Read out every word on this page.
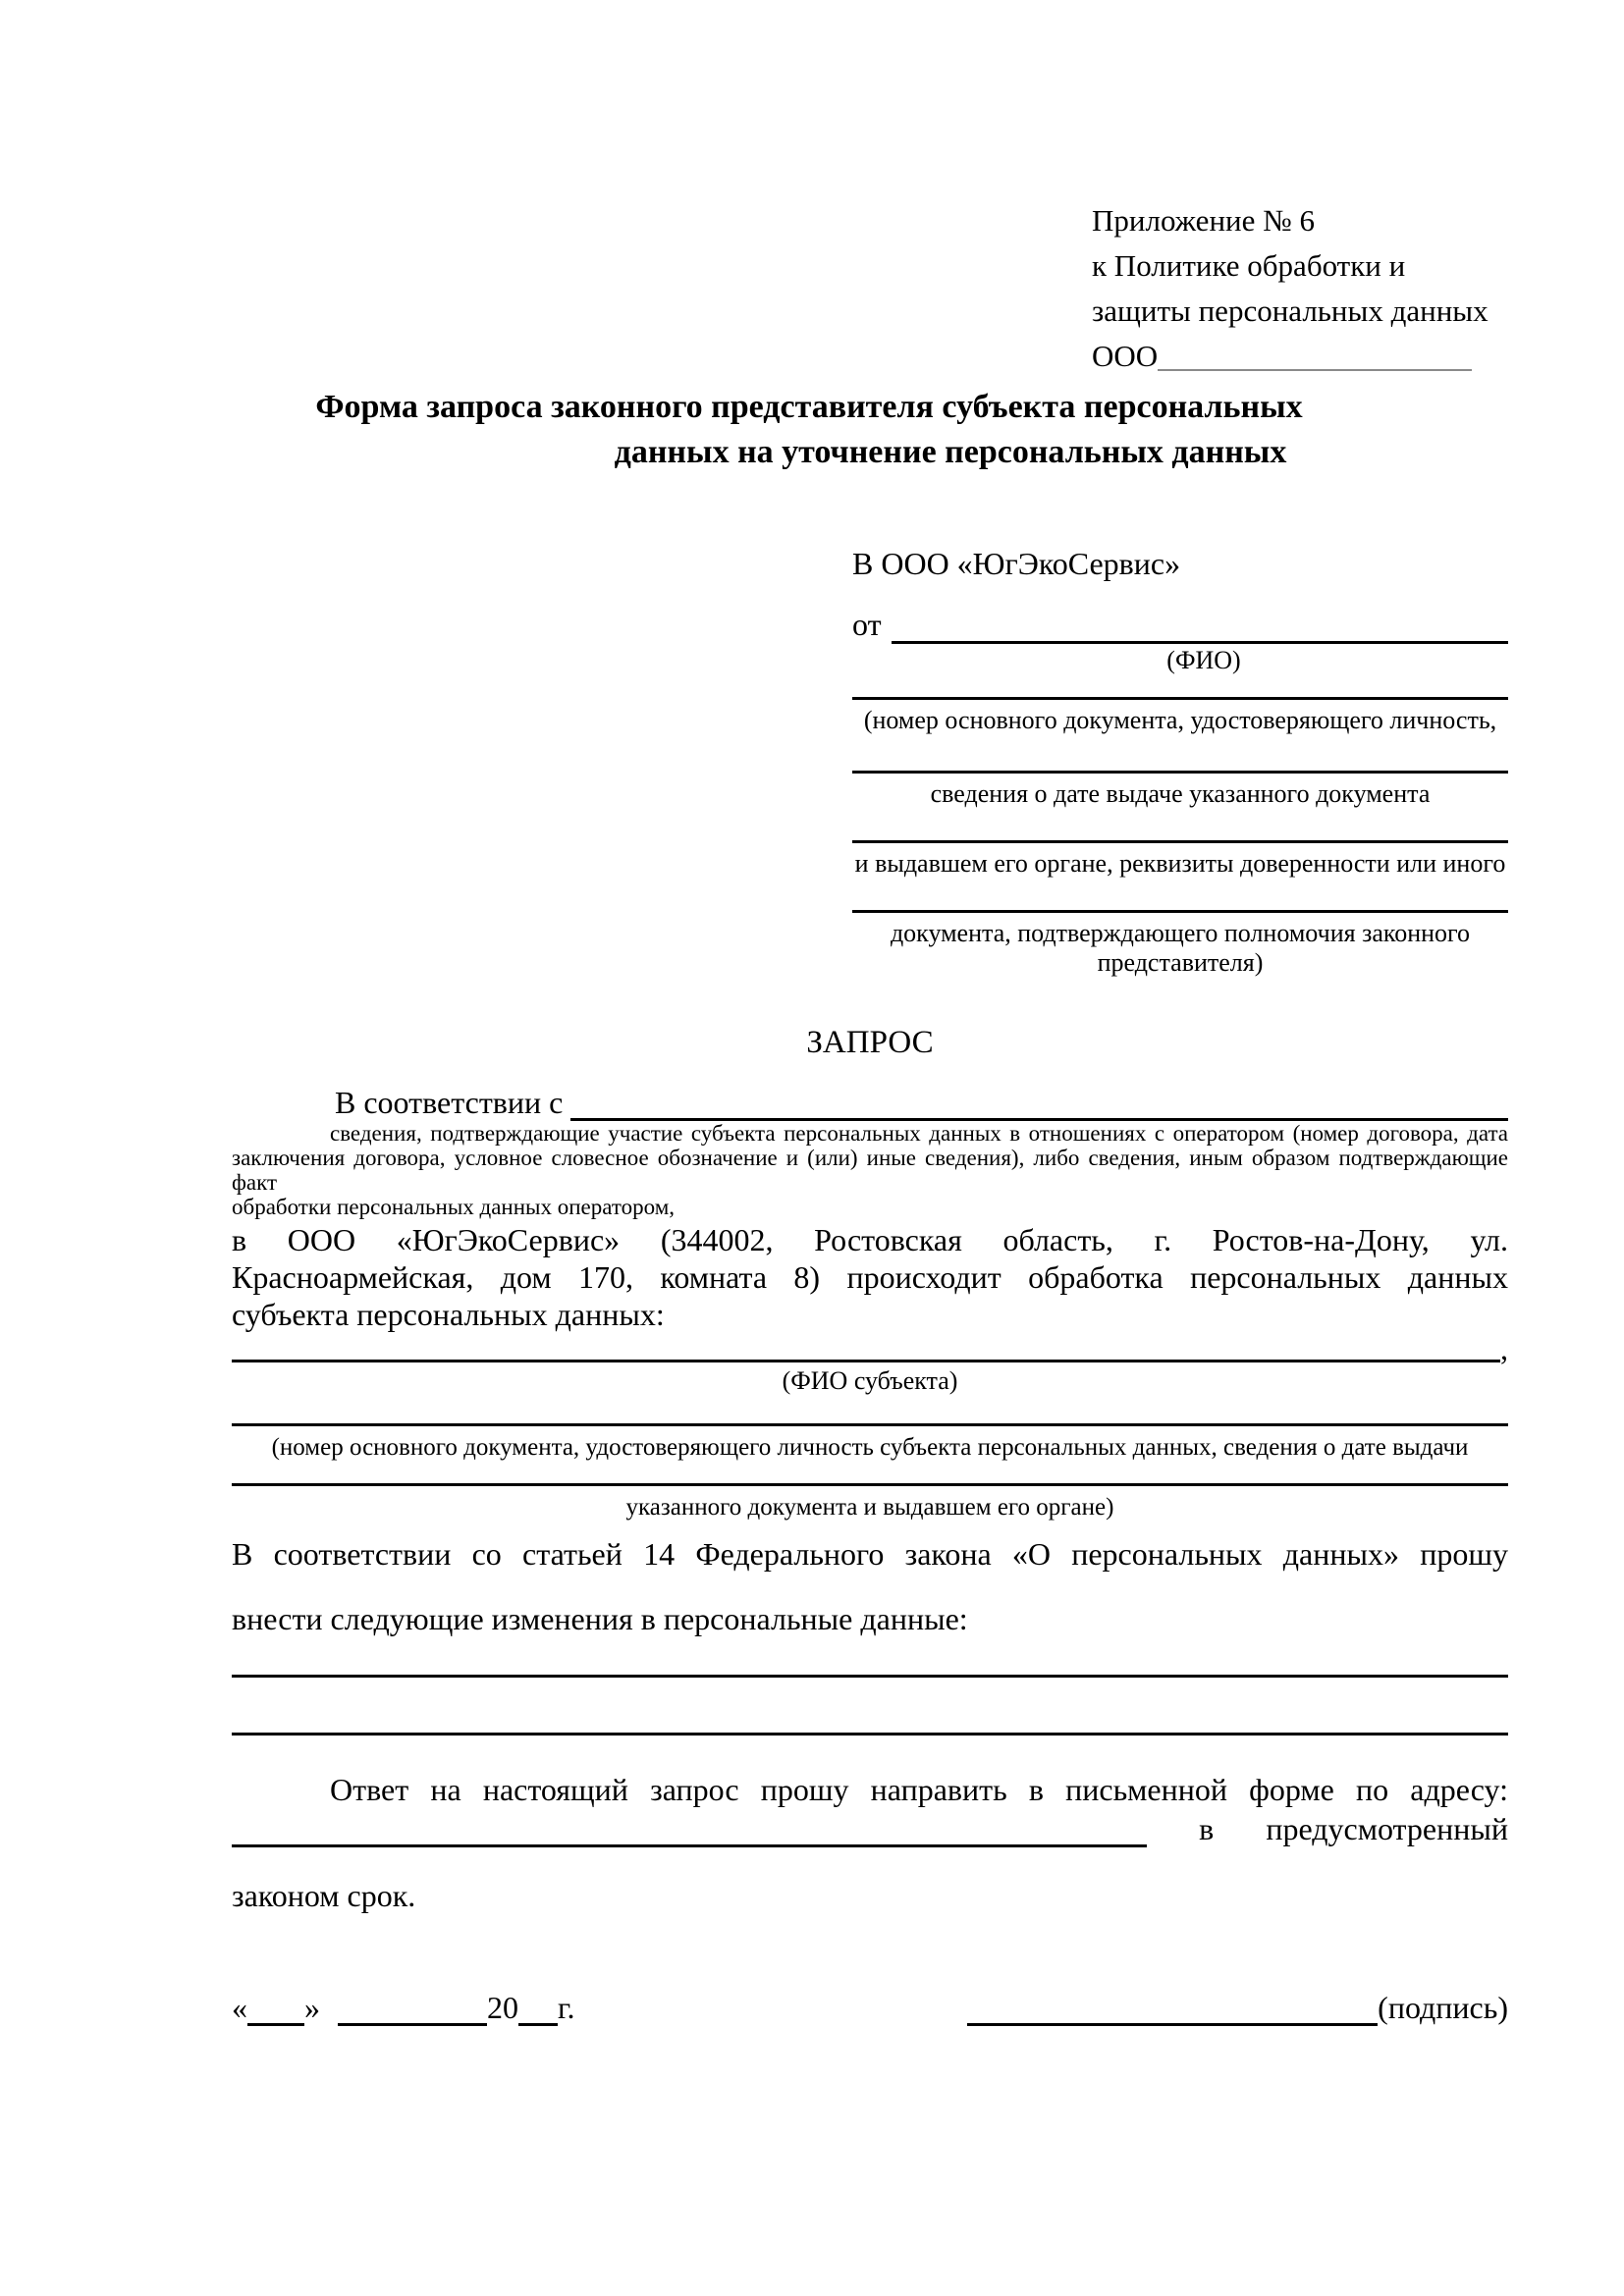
Приложение № 6
к Политике обработки и
защиты персональных данных
ООО
Форма запроса законного представителя субъекта персональных
данных на уточнение персональных данных
В ООО «ЮгЭкоСервис»
от
(ФИО)
(номер основного документа, удостоверяющего личность,
сведения о дате выдаче указанного документа
и выдавшем его органе, реквизиты доверенности или иного
документа, подтверждающего полномочия законного представителя)
ЗАПРОС
В соответствии с
сведения, подтверждающие участие субъекта персональных данных в отношениях с оператором (номер договора, дата
заключения договора, условное словесное обозначение и (или) иные сведения), либо сведения, иным образом подтверждающие факт
обработки персональных данных оператором,
в ООО «ЮгЭкоСервис» (344002, Ростовская область, г. Ростов-на-Дону, ул.
Красноармейская, дом 170, комната 8) происходит обработка персональных данных
субъекта персональных данных:
,
(ФИО субъекта)
(номер основного документа, удостоверяющего личность субъекта персональных данных, сведения о дате выдачи
указанного документа и выдавшем его органе)
В соответствии со статьей 14 Федерального закона «О персональных данных» прошу
внести следующие изменения в персональные данные:
Ответ на настоящий запрос прошу направить в письменной форме по адресу:
в предусмотренный
законом срок.
« »	20 г.	(подпись)
